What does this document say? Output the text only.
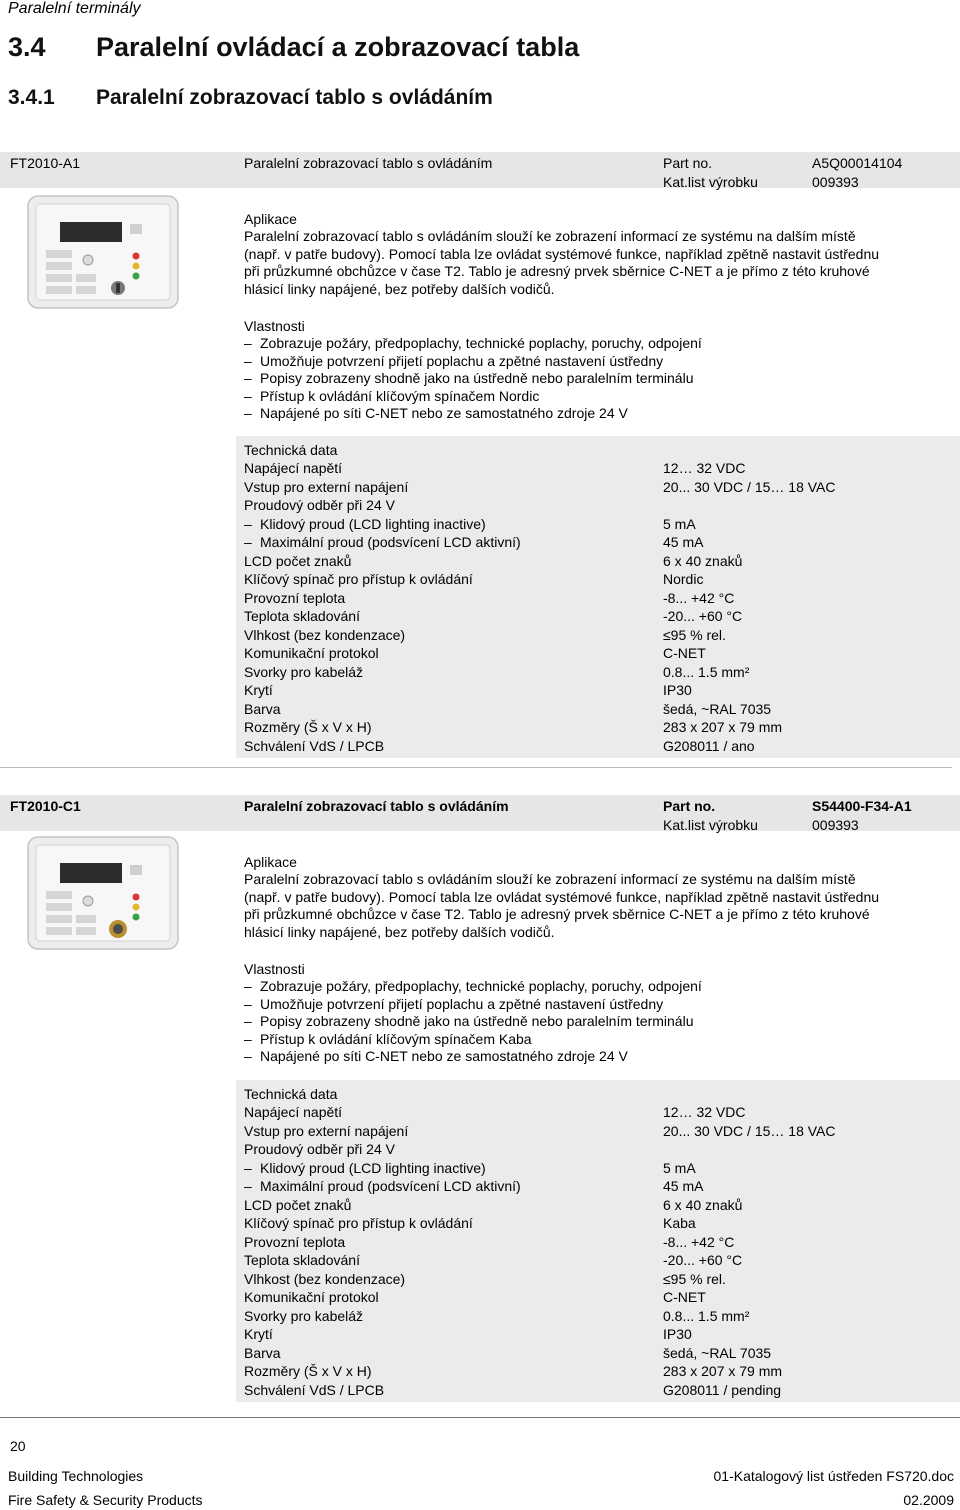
Paralelní terminály
3.4 Paralelní ovládací a zobrazovací tabla
3.4.1 Paralelní zobrazovací tablo s ovládáním
FT2010-A1	Paralelní zobrazovací tablo s ovládáním	Part no.	A5Q00014104
Kat.list výrobku	009393
Aplikace
Paralelní zobrazovací tablo s ovládáním slouží ke zobrazení informací ze systému na dalším místě
(např. v patře budovy). Pomocí tabla lze ovládat systémové funkce, například zpětně nastavit ústřednu
při průzkumné obchůzce v čase T2. Tablo je adresný prvek sběrnice C-NET a je přímo z této kruhové
hlásicí linky napájené, bez potřeby dalších vodičů.
Vlastnosti
– Zobrazuje požáry, předpoplachy, technické poplachy, poruchy, odpojení
– Umožňuje potvrzení přijetí poplachu a zpětné nastavení ústředny
– Popisy zobrazeny shodně jako na ústředně nebo paralelním terminálu
– Přístup k ovládání klíčovým spínačem Nordic
– Napájené po síti C-NET nebo ze samostatného zdroje 24 V
Technická data
Napájecí napětí	12… 32 VDC
Vstup pro externí napájení	20... 30 VDC / 15… 18 VAC
Proudový odběr při 24 V
– Klidový proud (LCD lighting inactive)	5 mA
– Maximální proud (podsvícení LCD aktivní)	45 mA
LCD počet znaků	6 x 40 znaků
Klíčový spínač pro přístup k ovládání	Nordic
Provozní teplota	-8... +42 °C
Teplota skladování	-20... +60 °C
Vlhkost (bez kondenzace)	≤95 % rel.
Komunikační protokol	C-NET
Svorky pro kabeláž	0.8... 1.5 mm²
Krytí	IP30
Barva	šedá, ~RAL 7035
Rozměry (Š x V x H)	283 x 207 x 79 mm
Schválení VdS / LPCB	G208011 / ano
FT2010-C1	Paralelní zobrazovací tablo s ovládáním	Part no.	S54400-F34-A1
Kat.list výrobku	009393
Aplikace
Paralelní zobrazovací tablo s ovládáním slouží ke zobrazení informací ze systému na dalším místě
(např. v patře budovy). Pomocí tabla lze ovládat systémové funkce, například zpětně nastavit ústřednu
při průzkumné obchůzce v čase T2. Tablo je adresný prvek sběrnice C-NET a je přímo z této kruhové
hlásicí linky napájené, bez potřeby dalších vodičů.
Vlastnosti
– Zobrazuje požáry, předpoplachy, technické poplachy, poruchy, odpojení
– Umožňuje potvrzení přijetí poplachu a zpětné nastavení ústředny
– Popisy zobrazeny shodně jako na ústředně nebo paralelním terminálu
– Přístup k ovládání klíčovým spínačem Kaba
– Napájené po síti C-NET nebo ze samostatného zdroje 24 V
Technická data
Napájecí napětí	12… 32 VDC
Vstup pro externí napájení	20... 30 VDC / 15… 18 VAC
Proudový odběr při 24 V
– Klidový proud (LCD lighting inactive)	5 mA
– Maximální proud (podsvícení LCD aktivní)	45 mA
LCD počet znaků	6 x 40 znaků
Klíčový spínač pro přístup k ovládání	Kaba
Provozní teplota	-8... +42 °C
Teplota skladování	-20... +60 °C
Vlhkost (bez kondenzace)	≤95 % rel.
Komunikační protokol	C-NET
Svorky pro kabeláž	0.8... 1.5 mm²
Krytí	IP30
Barva	šedá, ~RAL 7035
Rozměry (Š x V x H)	283 x 207 x 79 mm
Schválení VdS / LPCB	G208011 / pending
20
Building Technologies
Fire Safety & Security Products
01-Katalogový list ústředen FS720.doc
02.2009
